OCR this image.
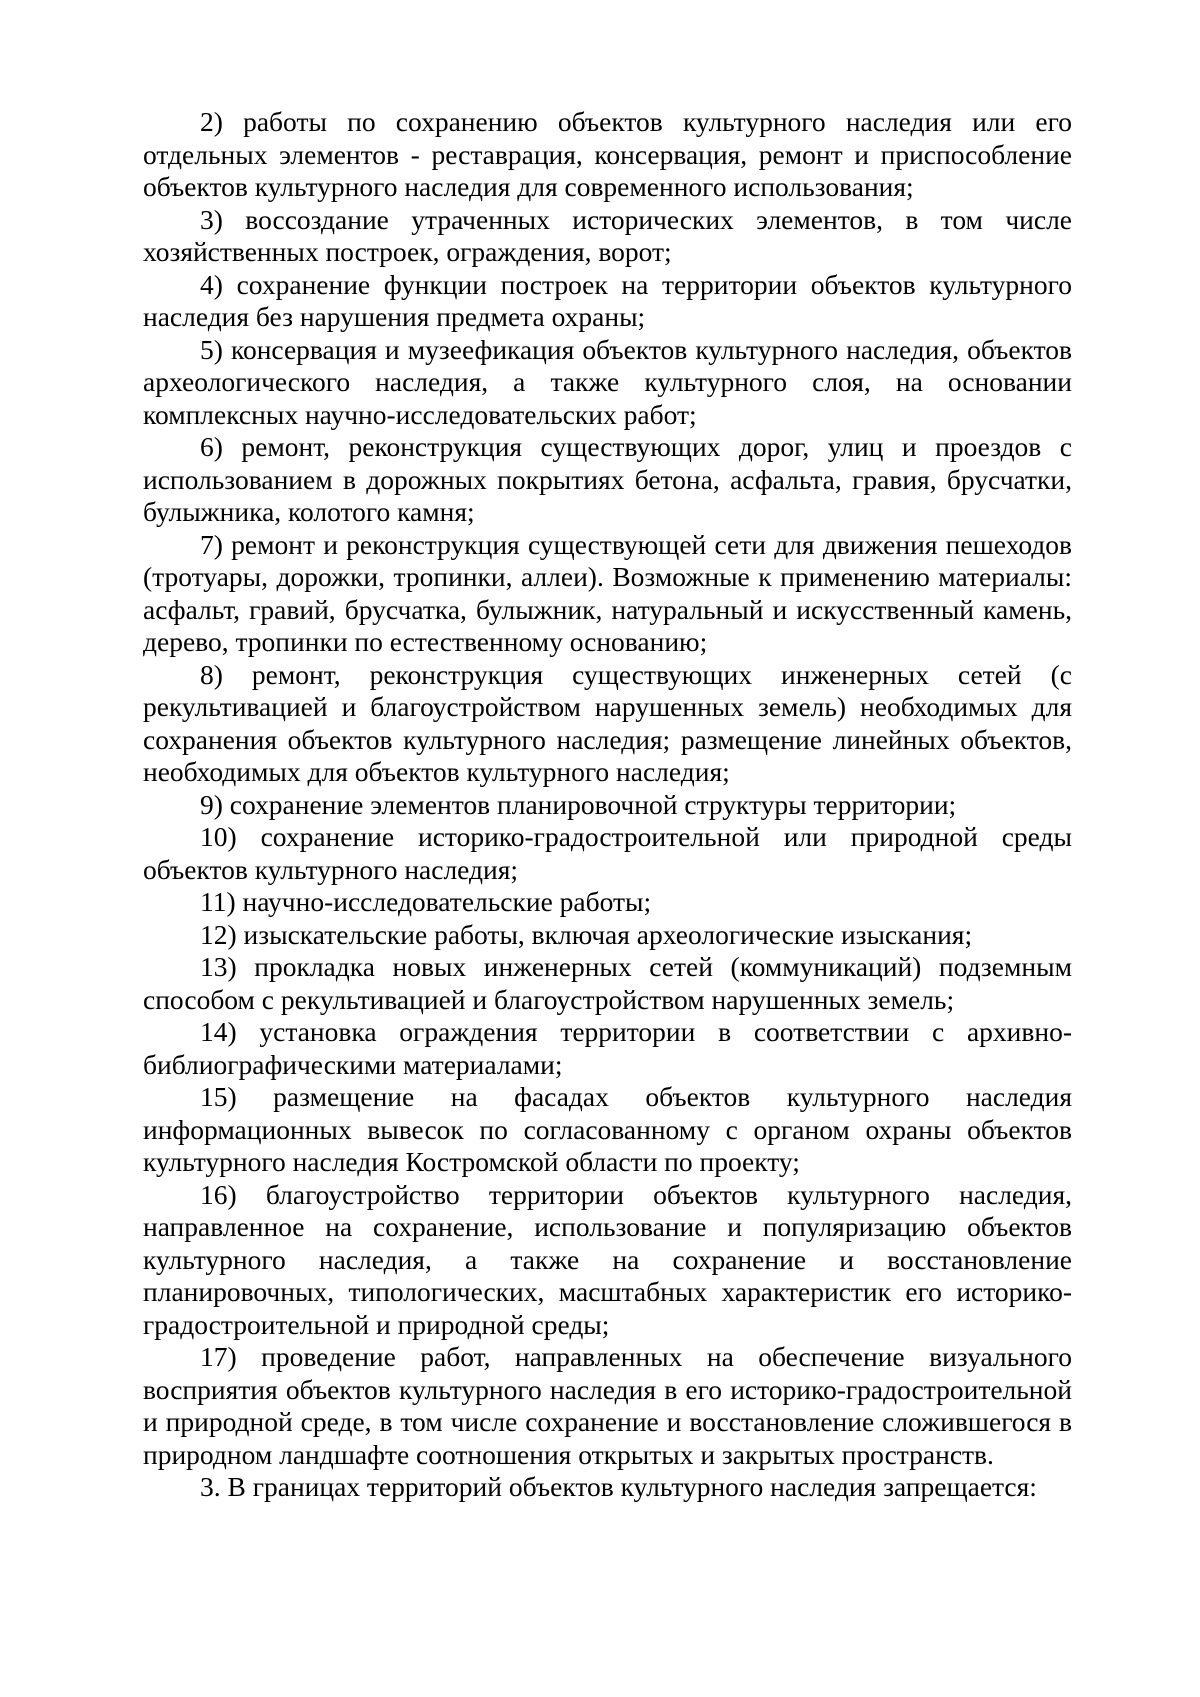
2) работы по сохранению объектов культурного наследия или его отдельных элементов - реставрация, консервация, ремонт и приспособление объектов культурного наследия для современного использования;

3) воссоздание утраченных исторических элементов, в том числе хозяйственных построек, ограждения, ворот;

4) сохранение функции построек на территории объектов культурного наследия без нарушения предмета охраны;

5) консервация и музеефикация объектов культурного наследия, объектов археологического наследия, а также культурного слоя, на основании комплексных научно-исследовательских работ;

6) ремонт, реконструкция существующих дорог, улиц и проездов с использованием в дорожных покрытиях бетона, асфальта, гравия, брусчатки, булыжника, колотого камня;

7) ремонт и реконструкция существующей сети для движения пешеходов (тротуары, дорожки, тропинки, аллеи). Возможные к применению материалы: асфальт, гравий, брусчатка, булыжник, натуральный и искусственный камень, дерево, тропинки по естественному основанию;

8) ремонт, реконструкция существующих инженерных сетей (с рекультивацией и благоустройством нарушенных земель) необходимых для сохранения объектов культурного наследия; размещение линейных объектов, необходимых для объектов культурного наследия;

9) сохранение элементов планировочной структуры территории;

10) сохранение историко-градостроительной или природной среды объектов культурного наследия;

11) научно-исследовательские работы;

12) изыскательские работы, включая археологические изыскания;

13) прокладка новых инженерных сетей (коммуникаций) подземным способом с рекультивацией и благоустройством нарушенных земель;

14) установка ограждения территории в соответствии с архивно-библиографическими материалами;

15) размещение на фасадах объектов культурного наследия информационных вывесок по согласованному с органом охраны объектов культурного наследия Костромской области по проекту;

16) благоустройство территории объектов культурного наследия, направленное на сохранение, использование и популяризацию объектов культурного наследия, а также на сохранение и восстановление планировочных, типологических, масштабных характеристик его историко-градостроительной и природной среды;

17) проведение работ, направленных на обеспечение визуального восприятия объектов культурного наследия в его историко-градостроительной и природной среде, в том числе сохранение и восстановление сложившегося в природном ландшафте соотношения открытых и закрытых пространств.

3. В границах территорий объектов культурного наследия запрещается:
